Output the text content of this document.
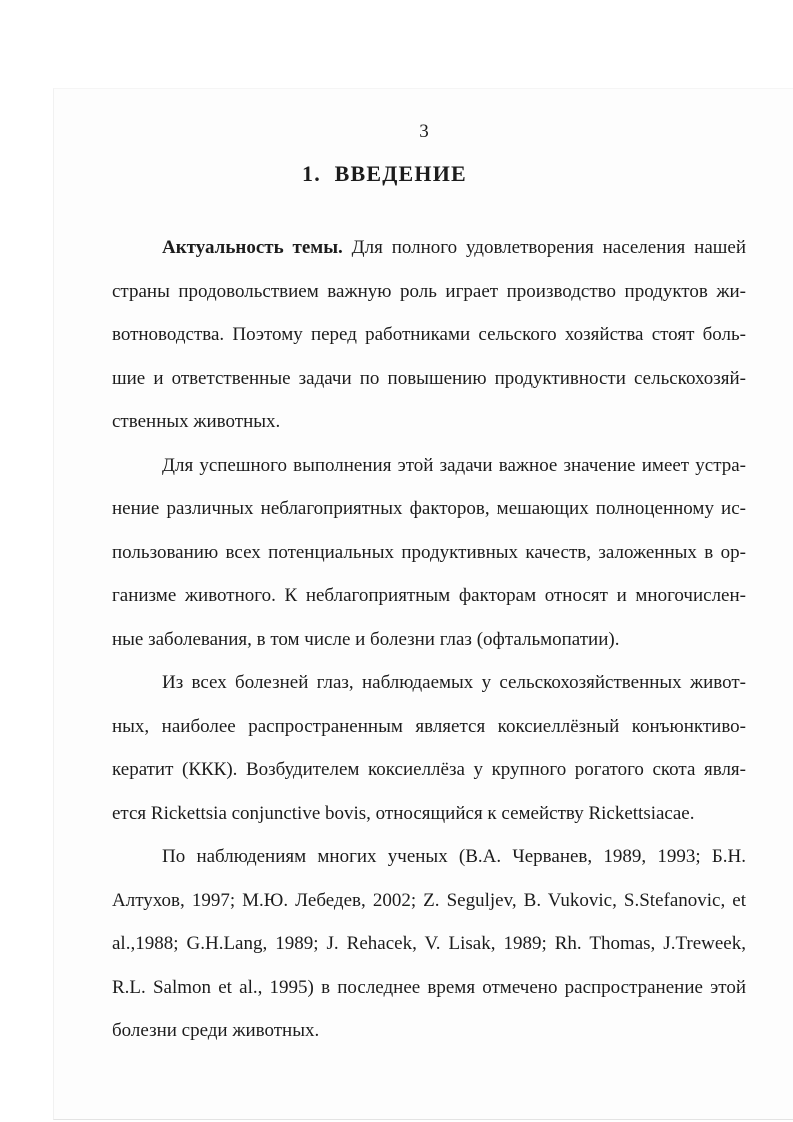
3
1. ВВЕДЕНИЕ
Актуальность темы. Для полного удовлетворения населения нашей
страны продовольствием важную роль играет производство продуктов жи-
вотноводства. Поэтому перед работниками сельского хозяйства стоят боль-
шие и ответственные задачи по повышению продуктивности сельскохозяй-
ственных животных.
Для успешного выполнения этой задачи важное значение имеет устра-
нение различных неблагоприятных факторов, мешающих полноценному ис-
пользованию всех потенциальных продуктивных качеств, заложенных в ор-
ганизме животного. К неблагоприятным факторам относят и многочислен-
ные заболевания, в том числе и болезни глаз (офтальмопатии).
Из всех болезней глаз, наблюдаемых у сельскохозяйственных живот-
ных, наиболее распространенным является коксиеллёзный конъюнктиво-
кератит (ККК). Возбудителем коксиеллёза у крупного рогатого скота явля-
ется Rickettsia conjunctive bovis, относящийся к семейству Rickettsiacae.
По наблюдениям многих ученых (В.А. Черванев, 1989, 1993; Б.Н.
Алтухов, 1997; М.Ю. Лебедев, 2002; Z. Seguljev, B. Vukovic, S.Stefanovic, et
al.,1988; G.H.Lang, 1989; J. Rehacek, V. Lisak, 1989; Rh. Thomas, J.Treweek,
R.L. Salmon et al., 1995) в последнее время отмечено распространение этой
болезни среди животных.
